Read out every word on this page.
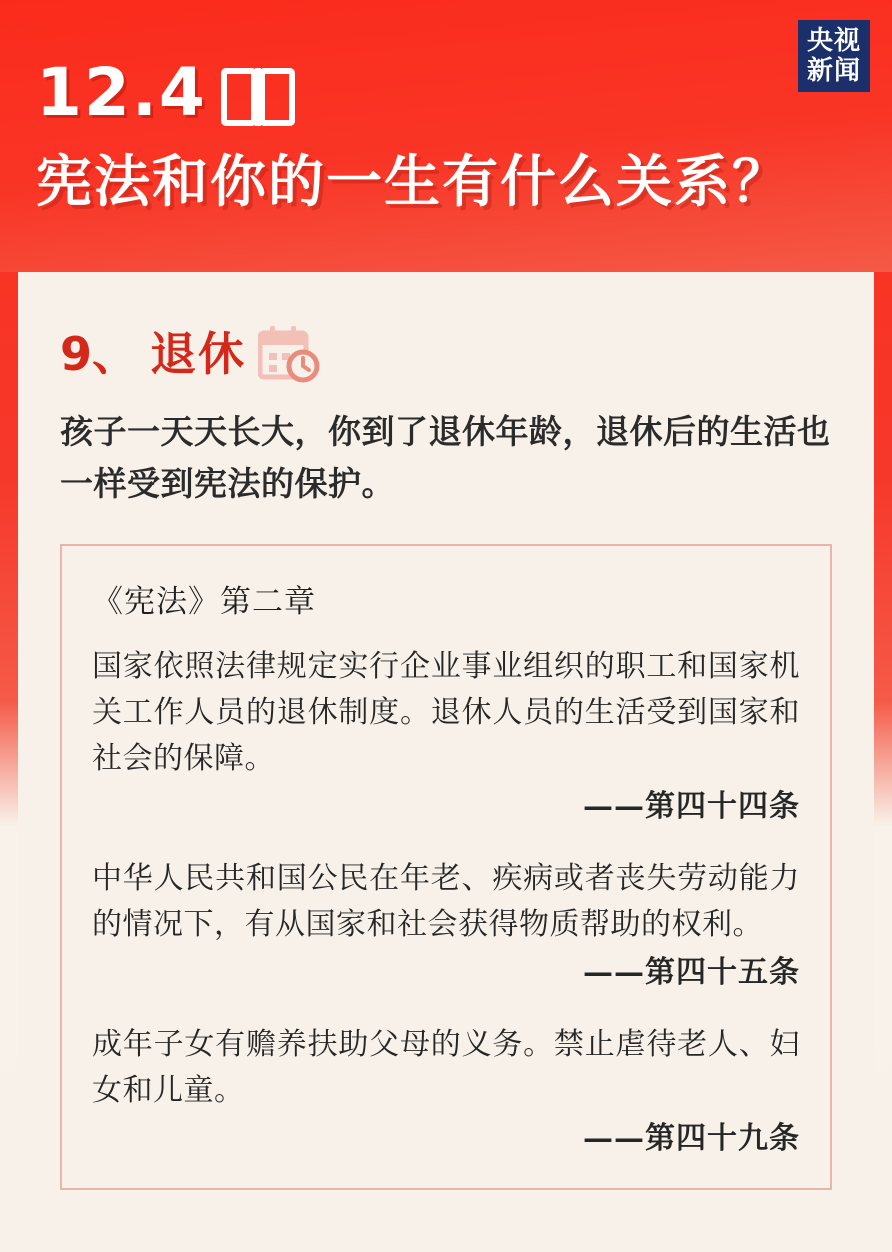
央视
新闻
12.4
宪法和你的一生有什么关系？
9、 退休
孩子一天天长大，你到了退休年龄，退休后的生活也一样受到宪法的保护。
《宪法》第二章
国家依照法律规定实行企业事业组织的职工和国家机关工作人员的退休制度。退休人员的生活受到国家和社会的保障。
——第四十四条
中华人民共和国公民在年老、疾病或者丧失劳动能力的情况下，有从国家和社会获得物质帮助的权利。
——第四十五条
成年子女有赡养扶助父母的义务。禁止虐待老人、妇女和儿童。
——第四十九条
